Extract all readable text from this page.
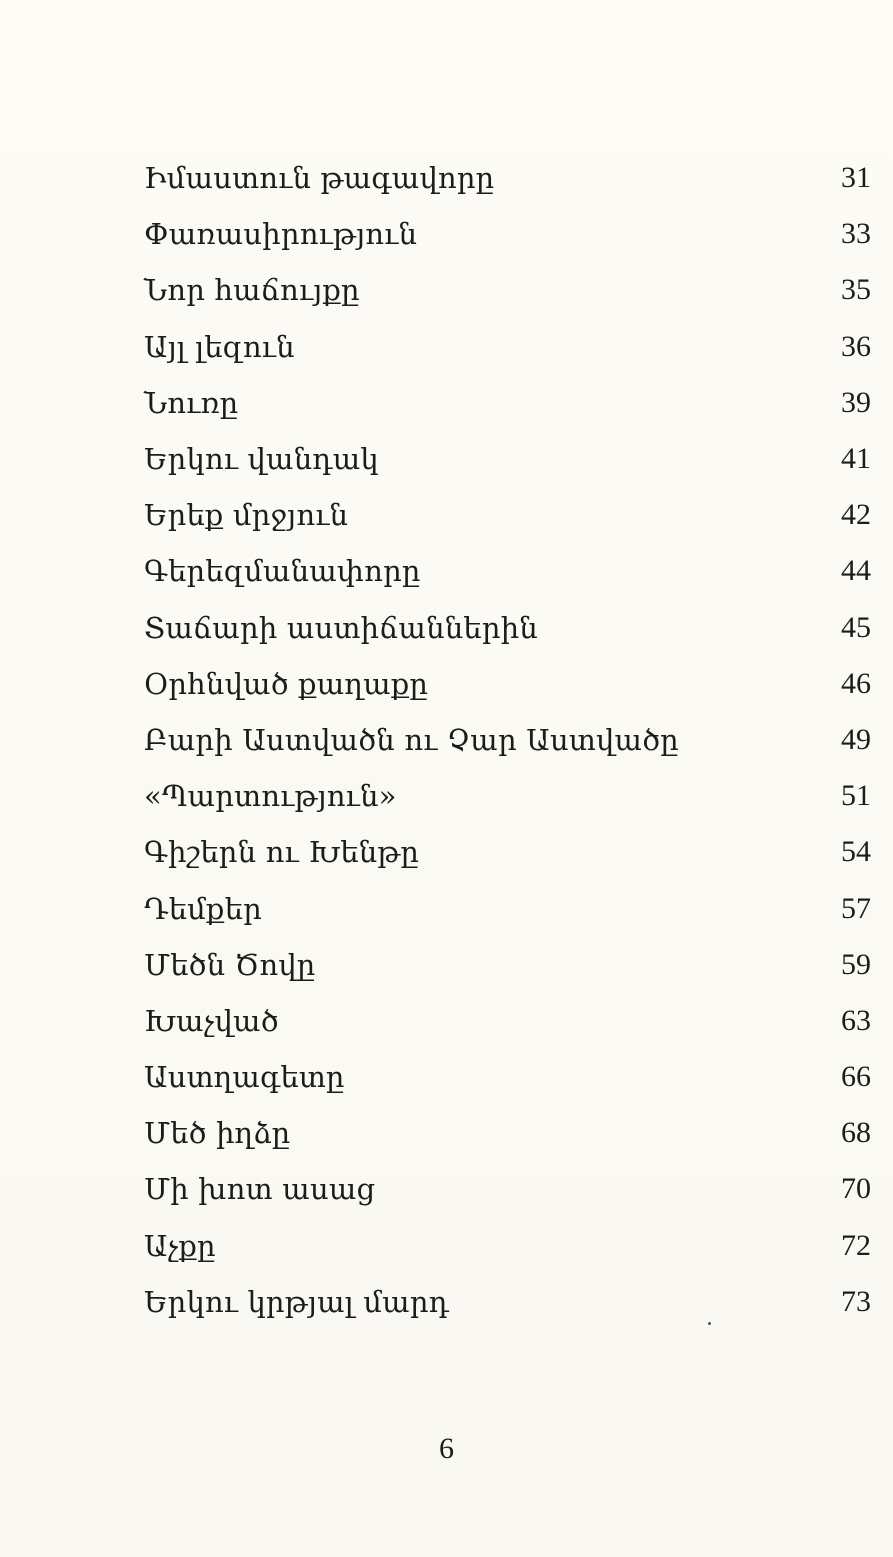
Իմաստուն թագավորը	31
Փառասիրություն	33
Նոր հաճույքը	35
Այլ լեզուն	36
Նուռը	39
Երկու վանդակ	41
Երեք մրջյուն	42
Գերեզմանափորը	44
Տաճարի աստիճաններին	45
Օրհնված քաղաքը	46
Բարի Աստվածն ու Չար Աստվածը	49
«Պարտություն»	51
Գիշերն ու Խենթը	54
Դեմքեր	57
Մեծն Ծովը	59
Խաչված	63
Աստղագետը	66
Մեծ իղձը	68
Մի խոտ ասաց	70
Աչքը	72
Երկու կրթյալ մարդ	73
6
